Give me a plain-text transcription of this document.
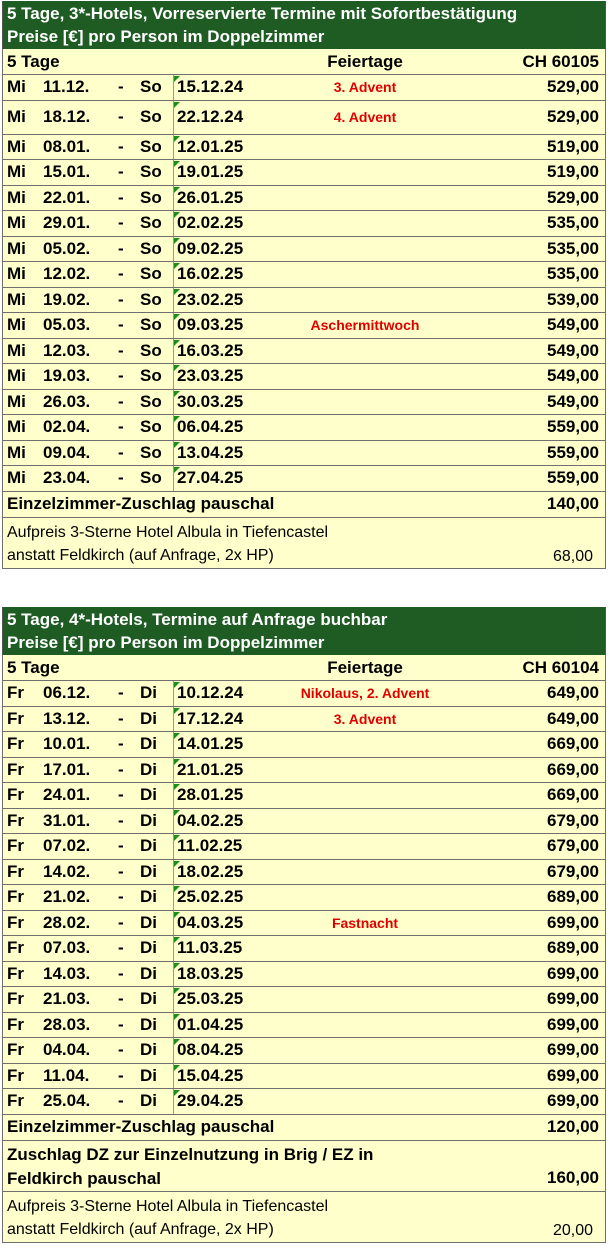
5 Tage, 3*-Hotels, Vorreservierte Termine mit Sofortbestätigung
Preise [€] pro Person im Doppelzimmer
5 Tage	Feiertage	CH 60105
Mi 11.12. - So 15.12.24	3. Advent	529,00
Mi 18.12. - So 22.12.24	4. Advent	529,00
Mi 08.01. - So 12.01.25	519,00
Mi 15.01. - So 19.01.25	519,00
Mi 22.01. - So 26.01.25	529,00
Mi 29.01. - So 02.02.25	535,00
Mi 05.02. - So 09.02.25	535,00
Mi 12.02. - So 16.02.25	535,00
Mi 19.02. - So 23.02.25	539,00
Mi 05.03. - So 09.03.25	Aschermittwoch	549,00
Mi 12.03. - So 16.03.25	549,00
Mi 19.03. - So 23.03.25	549,00
Mi 26.03. - So 30.03.25	549,00
Mi 02.04. - So 06.04.25	559,00
Mi 09.04. - So 13.04.25	559,00
Mi 23.04. - So 27.04.25	559,00
Einzelzimmer-Zuschlag pauschal	140,00
Aufpreis 3-Sterne Hotel Albula in Tiefencastel
anstatt Feldkirch (auf Anfrage, 2x HP)	68,00
5 Tage, 4*-Hotels, Termine auf Anfrage buchbar
Preise [€] pro Person im Doppelzimmer
5 Tage	Feiertage	CH 60104
Fr 06.12. - Di 10.12.24	Nikolaus, 2. Advent	649,00
Fr 13.12. - Di 17.12.24	3. Advent	649,00
Fr 10.01. - Di 14.01.25	669,00
Fr 17.01. - Di 21.01.25	669,00
Fr 24.01. - Di 28.01.25	669,00
Fr 31.01. - Di 04.02.25	679,00
Fr 07.02. - Di 11.02.25	679,00
Fr 14.02. - Di 18.02.25	679,00
Fr 21.02. - Di 25.02.25	689,00
Fr 28.02. - Di 04.03.25	Fastnacht	699,00
Fr 07.03. - Di 11.03.25	689,00
Fr 14.03. - Di 18.03.25	699,00
Fr 21.03. - Di 25.03.25	699,00
Fr 28.03. - Di 01.04.25	699,00
Fr 04.04. - Di 08.04.25	699,00
Fr 11.04. - Di 15.04.25	699,00
Fr 25.04. - Di 29.04.25	699,00
Einzelzimmer-Zuschlag pauschal	120,00
Zuschlag DZ zur Einzelnutzung in Brig / EZ in Feldkirch pauschal	160,00
Aufpreis 3-Sterne Hotel Albula in Tiefencastel
anstatt Feldkirch (auf Anfrage, 2x HP)	20,00
